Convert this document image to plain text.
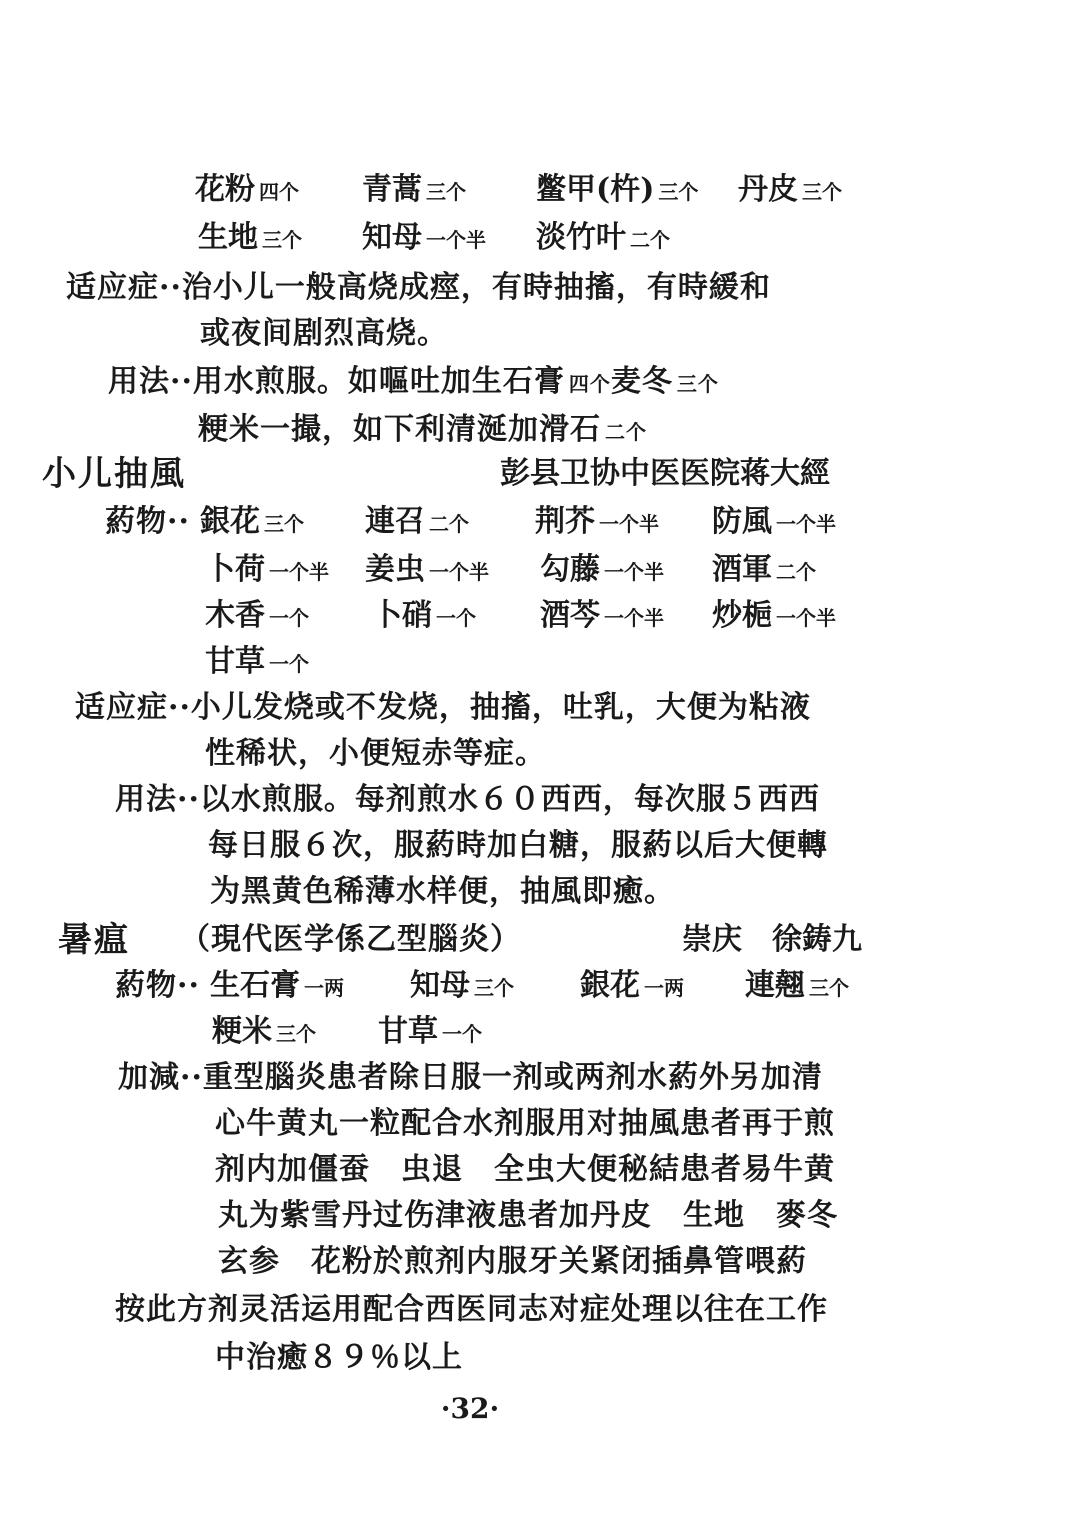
花粉 四个 青蒿 三个 鳖甲(杵) 三个 丹皮 三个
生地 三个 知母 一个半 淡竹叶 二个
适应症··治小儿一般高烧成痙，有時抽搐，有時緩和
或夜间剧烈高烧。
用法··用水煎服。如嘔吐加生石膏 四个麦冬 三个
粳米一撮，如下利清涎加滑石 二个
小儿抽風	彭县卫协中医医院蒋大經
葯物·· 銀花 三个 連召 二个 荆芥 一个半 防風 一个半
卜荷 一个半 姜虫 一个半 勾藤 一个半 酒軍 二个
木香 一个 卜硝 一个 酒芩 一个半 炒梔 一个半
甘草 一个
适应症··小儿发烧或不发烧，抽搐，吐乳，大便为粘液
性稀状，小便短赤等症。
用法··以水煎服。每剂煎水６０西西，每次服５西西
每日服６次，服葯時加白糖，服葯以后大便轉
为黑黄色稀薄水样便，抽風即癒。
暑瘟 （現代医学係乙型腦炎）	崇庆　徐鋳九
葯物·· 生石膏 一两 知母 三个 銀花 一两 連翹 三个
粳米 三个 甘草 一个
加減··重型腦炎患者除日服一剂或两剂水葯外另加清
心牛黄丸一粒配合水剂服用对抽風患者再于煎
剂内加僵蚕　虫退　全虫大便秘結患者易牛黄
丸为紫雪丹过伤津液患者加丹皮　生地　麥冬
玄参　花粉於煎剂内服牙关紧闭插鼻管喂葯
按此方剂灵活运用配合西医同志对症处理以往在工作
中治癒８９％以上
·32·
